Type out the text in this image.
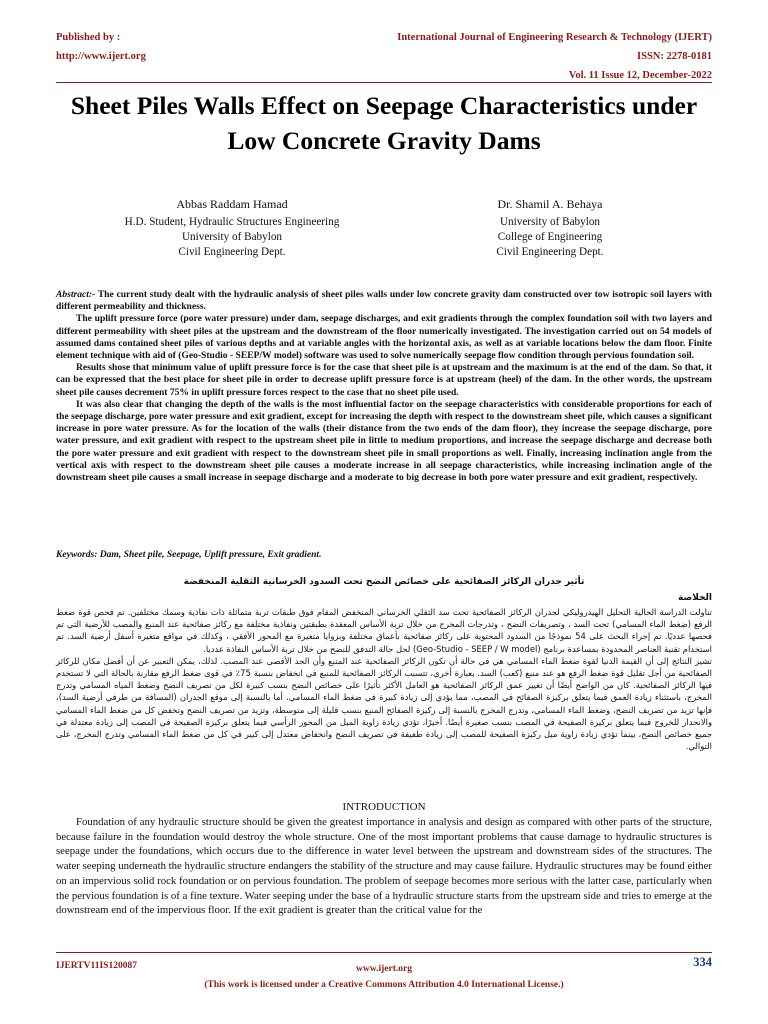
Published by :
http://www.ijert.org
International Journal of Engineering Research & Technology (IJERT)
ISSN: 2278-0181
Vol. 11 Issue 12, December-2022
Sheet Piles Walls Effect on Seepage Characteristics under Low Concrete Gravity Dams
Abbas Raddam Hamad
H.D. Student, Hydraulic Structures Engineering
University of Babylon
Civil Engineering Dept.
Dr. Shamil A. Behaya
University of Babylon
College of Engineering
Civil Engineering Dept.

Abstract:- The current study dealt with the hydraulic analysis of sheet piles walls under low concrete gravity dam constructed over tow isotropic soil layers with different permeability and thickness.

The uplift pressure force (pore water pressure) under dam, seepage discharges, and exit gradients through the complex foundation soil with two layers and different permeability with sheet piles at the upstream and the downstream of the floor numerically investigated. The investigation carried out on 54 models of assumed dams contained sheet piles of various depths and at variable angles with the horizontal axis, as well as at variable locations below the dam floor. Finite element technique with aid of (Geo-Studio - SEEP/W model) software was used to solve numerically seepage flow condition through pervious foundation soil.

Results shose that minimum value of uplift pressure force is for the case that sheet pile is at upstream and the maximum is at the end of the dam. So that, it can be expressed that the best place for sheet pile in order to decrease uplift pressure force is at upstream (heel) of the dam. In the other words, the upstream sheet pile causes decrement 75% in uplift pressure forces respect to the case that no sheet pile used.

It was also clear that changing the depth of the walls is the most influential factor on the seepage characteristics with considerable proportions for each of the seepage discharge, pore water pressure and exit gradient, except for increasing the depth with respect to the downstream sheet pile, which causes a significant increase in pore water pressure. As for the location of the walls (their distance from the two ends of the dam floor), they increase the seepage discharge, pore water pressure, and exit gradient with respect to the upstream sheet pile in little to medium proportions, and increase the seepage discharge and decrease both the pore water pressure and exit gradient with respect to the downstream sheet pile in small proportions as well. Finally, increasing inclination angle from the vertical axis with respect to the downstream sheet pile causes a moderate increase in all seepage characteristics, while increasing inclination angle of the downstream sheet pile causes a small increase in seepage discharge and a moderate to big decrease in both pore water pressure and exit gradient, respectively.

Keywords: Dam, Sheet pile, Seepage, Uplift pressure, Exit gradient.
تأثير جدران الركائز الصفائحية على خصائص النضح تحت السدود الخرسانية الثقلية المنخفضة
الخلاصة

تناولت الدراسة الحالية التحليل الهيدروليكي لجدران الركائز الصفائحية تحت سد الثقلي الخرساني المنخفض المقام فوق طبقات تربة متماثلة ذات نفاذية وسمك مختلفين. تم فحص قوة ضغط الرفع (ضغط الماء المسامي) تحت السد ، وتصريفات النضح ، وتدرجات المخرج من خلال تربة الأساس المعقدة بطبقتين ونفاذية مختلفة مع ركائز صفائحية عند المنبع والمصب للأرضية التي تم فحصها عدديًا. تم إجراء البحث على 54 نموذجًا من السدود المحتوية على ركائز صفائحية بأعماق مختلفة وبزوايا متغيرة مع المحور الأفقي ، وكذلك في مواقع متغيرة أسفل أرضية السد. تم استخدام تقنية العناصر المحدودة بمساعدة برنامج (Geo-Studio - SEEP / W model) لحل حالة التدفق للنضح من خلال تربة الأساس النفاذة عدديا.

تشير النتائج إلى أن القيمة الدنيا لقوة ضغط الماء المسامي هي في حالة أن تكون الركائز الصفائحية عند المنبع وأن الحد الأقصى عند المصب. لذلك، يمكن التعبير عن أن أفضل مكان للركائز الصفائحية من أجل تقليل قوة ضغط الرفع هو عند منبع (كعب) السد. بعبارة أخرى، تتسبب الركائز الصفائحية للمنبع في انخفاض بنسبة 75٪ في قوى ضغط الرفع مقارنة بالحالة التي لا تستخدم فيها الركائز الصفائحية. كان من الواضح أيضًا أن تغيير عمق الركائز الصفائحية هو العامل الأكثر تأثيرًا على خصائص النضح بنسب كبيرة لكل من تصريف النضح وضغط المياه المسامي وتدرج المخرج، باستثناء زيادة العمق فيما يتعلق بركيزة الصفائح في المصب، مما يؤدي إلى زيادة كبيرة في ضغط الماء المسامي. أما بالنسبة إلى موقع الجدران (المسافة من طرفي أرضية السد)، فإنها تزيد من تصريف النضح، وضغط الماء المسامي، وتدرج المخرج بالنسبة إلى ركيزة الصفائح المنبع بنسب قليلة إلى متوسطة، وتزيد من تصريف النضح وتخفض كل من ضغط الماء المسامي والانحدار للخروج فيما يتعلق بركيزة الصفيحة في المصب بنسب صغيرة أيضًا. أخيرًا، تؤدي زيادة زاوية الميل من المحور الرأسي فيما يتعلق بركيزة الصفيحة في المصب إلى زيادة معتدلة في جميع خصائص النضح، بينما تؤدي زيادة زاوية ميل ركيزة الصفيحة للمصب إلى زيادة طفيفة في تصريف النضح وانخفاض معتدل إلى كبير في كل من ضغط الماء المسامي وتدرج المخرج، على التوالي.

INTRODUCTION

Foundation of any hydraulic structure should be given the greatest importance in analysis and design as compared with other parts of the structure, because failure in the foundation would destroy the whole structure. One of the most important problems that cause damage to hydraulic structures is seepage under the foundations, which occurs due to the difference in water level between the upstream and downstream sides of the structures. The water seeping underneath the hydraulic structure endangers the stability of the structure and may cause failure. Hydraulic structures may be found either on an impervious solid rock foundation or on pervious foundation. The problem of seepage becomes more serious with the latter case, particularly when the pervious foundation is of a fine texture. Water seeping under the base of a hydraulic structure starts from the upstream side and tries to emerge at the downstream end of the impervious floor. If the exit gradient is greater than the critical value for the

IJERTV11IS120087	www.ijert.org
(This work is licensed under a Creative Commons Attribution 4.0 International License.)
334
